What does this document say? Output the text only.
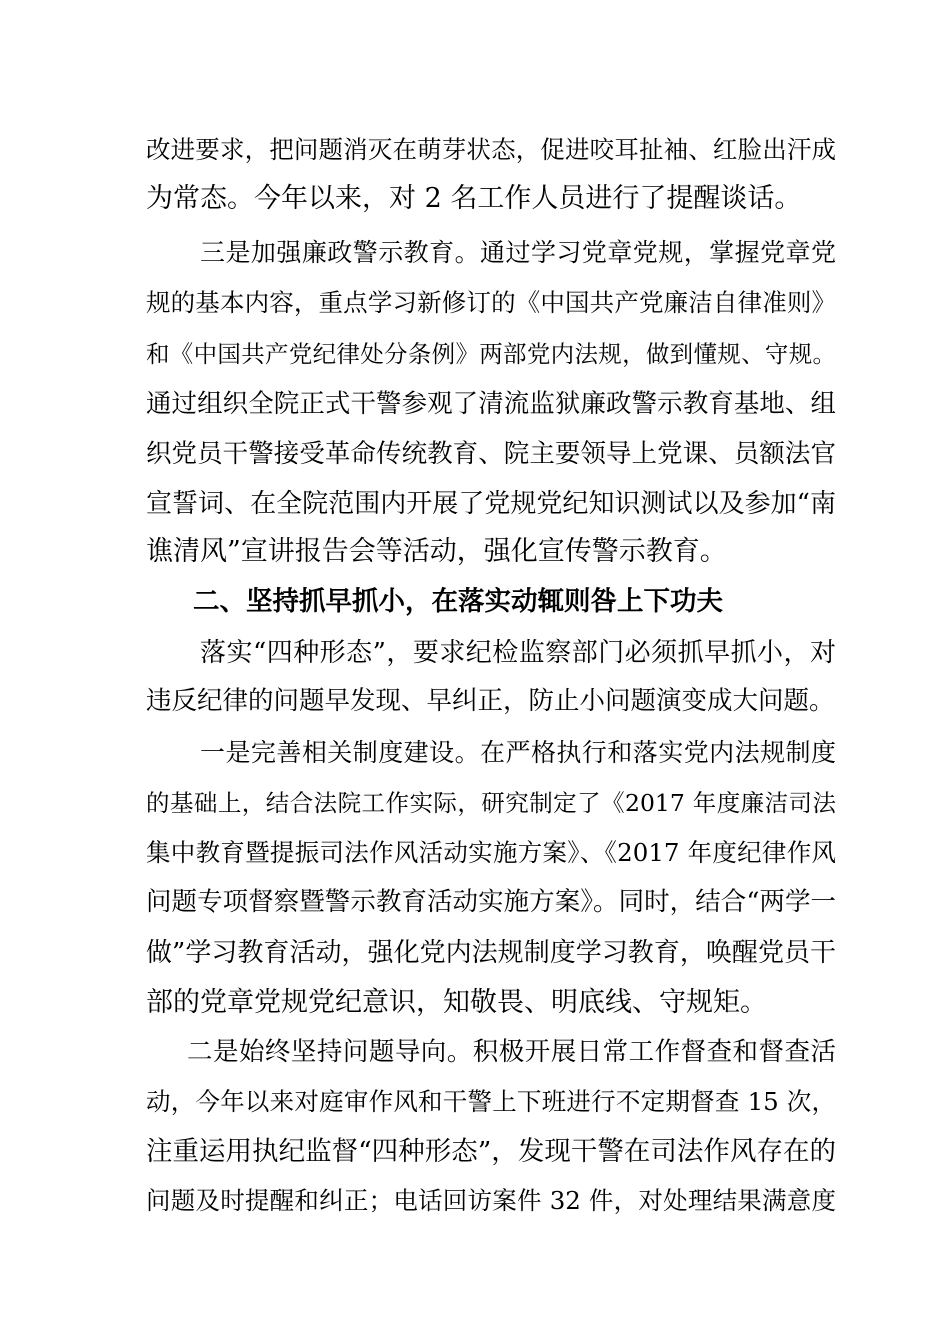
改进要求，把问题消灭在萌芽状态，促进咬耳扯袖、红脸出汗成
为常态。今年以来，对 2 名工作人员进行了提醒谈话。
三是加强廉政警示教育。通过学习党章党规，掌握党章党
规的基本内容，重点学习新修订的《中国共产党廉洁自律准则》
和《中国共产党纪律处分条例》两部党内法规，做到懂规、守规。
通过组织全院正式干警参观了清流监狱廉政警示教育基地、组
织党员干警接受革命传统教育、院主要领导上党课、员额法官
宣誓词、在全院范围内开展了党规党纪知识测试以及参加“南
谯清风”宣讲报告会等活动，强化宣传警示教育。
二、坚持抓早抓小，在落实动辄则咎上下功夫
落实“四种形态”，要求纪检监察部门必须抓早抓小，对
违反纪律的问题早发现、早纠正，防止小问题演变成大问题。
一是完善相关制度建设。在严格执行和落实党内法规制度
的基础上，结合法院工作实际，研究制定了《2017 年度廉洁司法
集中教育暨提振司法作风活动实施方案》、《2017 年度纪律作风
问题专项督察暨警示教育活动实施方案》。同时，结合“两学一
做”学习教育活动，强化党内法规制度学习教育，唤醒党员干
部的党章党规党纪意识，知敬畏、明底线、守规矩。
二是始终坚持问题导向。积极开展日常工作督查和督查活
动，今年以来对庭审作风和干警上下班进行不定期督查 15 次，
注重运用执纪监督“四种形态”，发现干警在司法作风存在的
问题及时提醒和纠正；电话回访案件 32 件，对处理结果满意度
